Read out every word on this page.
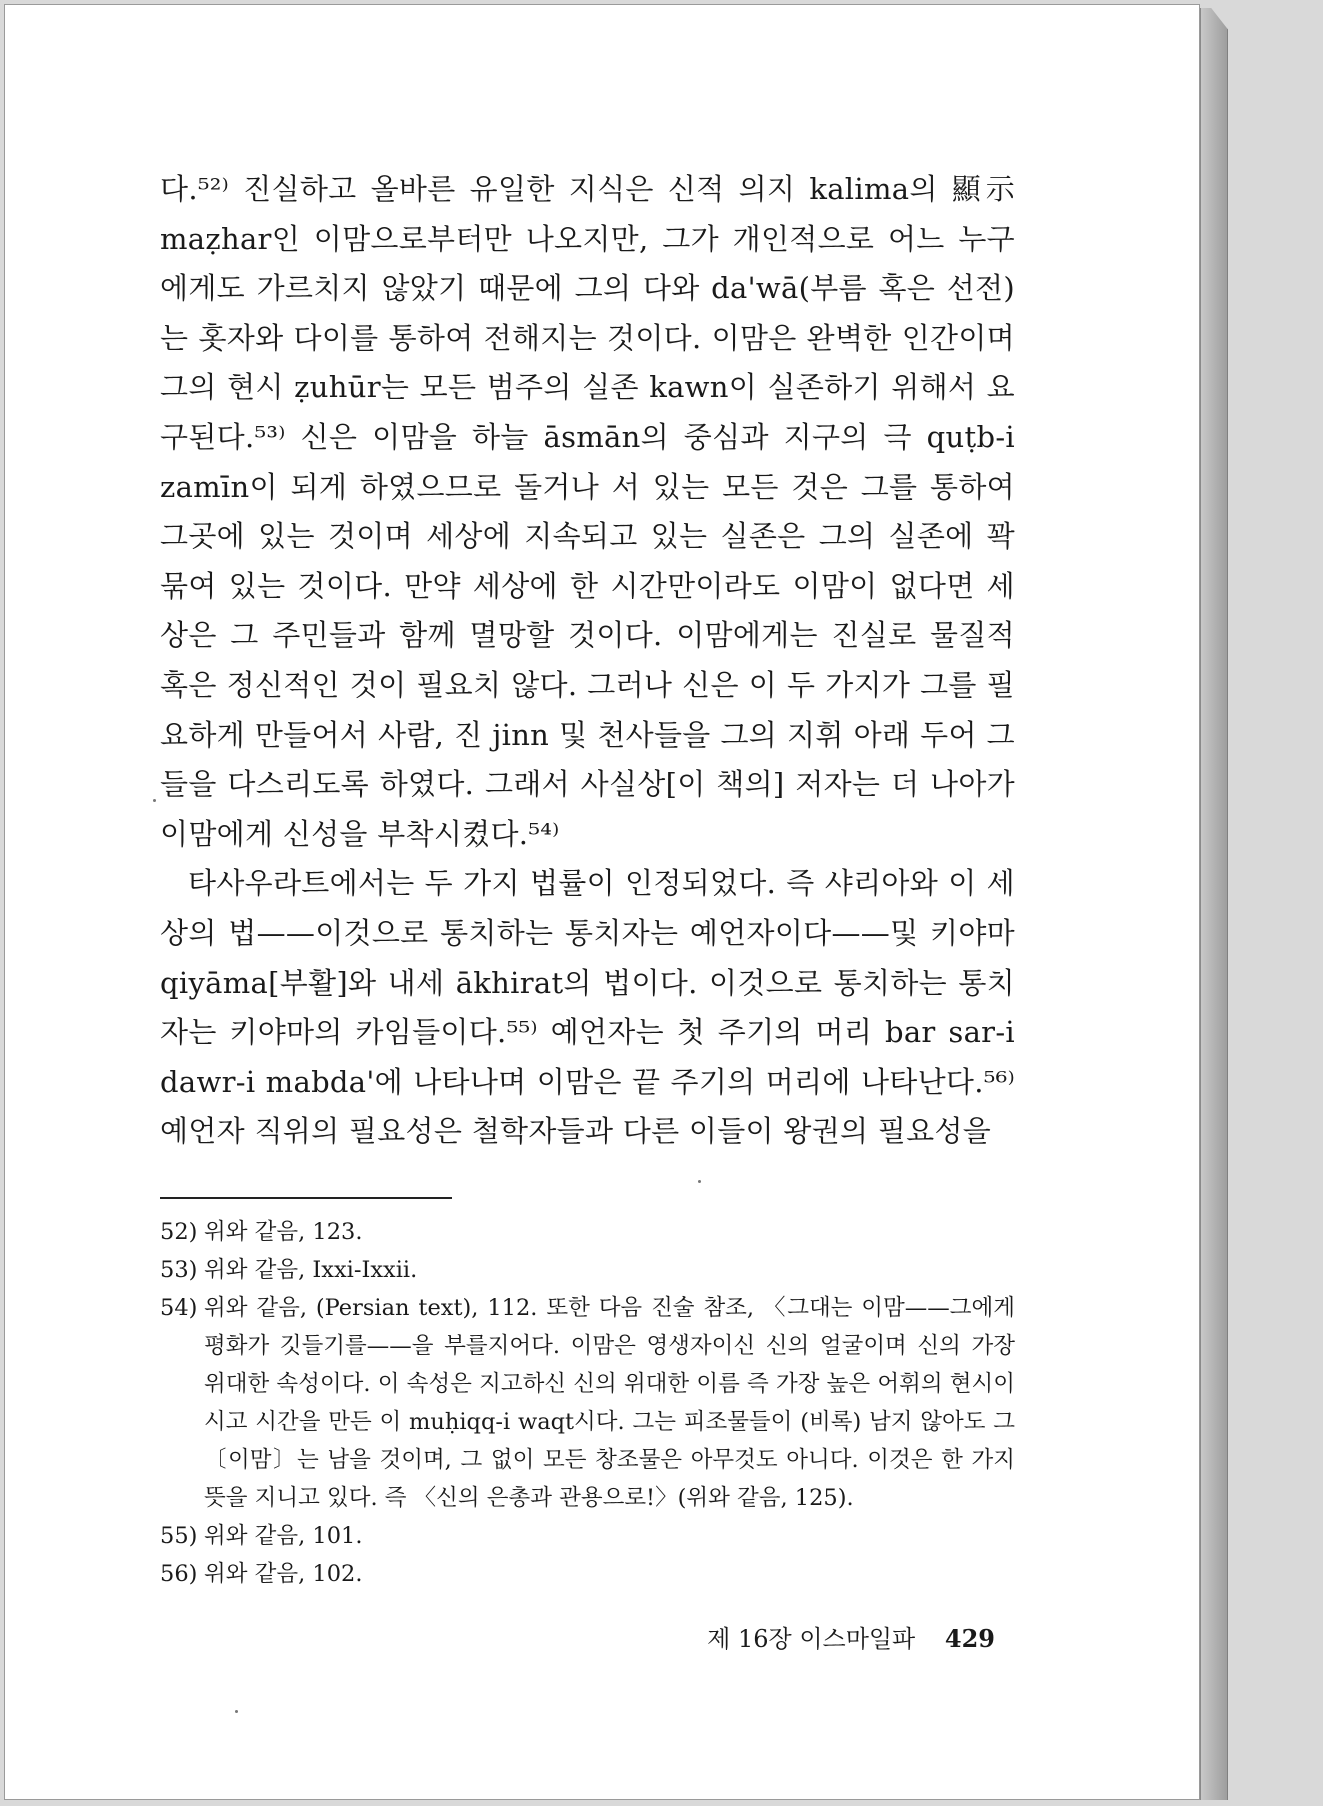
다.⁵²⁾ 진실하고 올바른 유일한 지식은 신적 의지 kalima의 顯示 maẓhar인 이맘으로부터만 나오지만, 그가 개인적으로 어느 누구에게도 가르치지 않았기 때문에 그의 다와 da'wā(부름 혹은 선전)는 홋자와 다이를 통하여 전해지는 것이다. 이맘은 완벽한 인간이며 그의 현시 ẓuhūr는 모든 범주의 실존 kawn이 실존하기 위해서 요구된다.⁵³⁾ 신은 이맘을 하늘 āsmān의 중심과 지구의 극 quṭb-i zamīn이 되게 하였으므로 돌거나 서 있는 모든 것은 그를 통하여 그곳에 있는 것이며 세상에 지속되고 있는 실존은 그의 실존에 꽉 묶여 있는 것이다. 만약 세상에 한 시간만이라도 이맘이 없다면 세상은 그 주민들과 함께 멸망할 것이다. 이맘에게는 진실로 물질적 혹은 정신적인 것이 필요치 않다. 그러나 신은 이 두 가지가 그를 필요하게 만들어서 사람, 진 jinn 및 천사들을 그의 지휘 아래 두어 그들을 다스리도록 하였다. 그래서 사실상[이 책의] 저자는 더 나아가 이맘에게 신성을 부착시켰다.⁵⁴⁾

타사우라트에서는 두 가지 법률이 인정되었다. 즉 샤리아와 이 세상의 법——이것으로 통치하는 통치자는 예언자이다——및 키야마 qiyāma[부활]와 내세 ākhirat의 법이다. 이것으로 통치하는 통치자는 키야마의 카임들이다.⁵⁵⁾ 예언자는 첫 주기의 머리 bar sar-i dawr-i mabda'에 나타나며 이맘은 끝 주기의 머리에 나타난다.⁵⁶⁾ 예언자 직위의 필요성은 철학자들과 다른 이들이 왕권의 필요성을

52) 위와 같음, 123.
53) 위와 같음, Ixxi-Ixxii.
54) 위와 같음, (Persian text), 112. 또한 다음 진술 참조, 〈그대는 이맘——그에게 평화가 깃들기를——을 부를지어다. 이맘은 영생자이신 신의 얼굴이며 신의 가장 위대한 속성이다. 이 속성은 지고하신 신의 위대한 이름 즉 가장 높은 어휘의 현시이시고 시간을 만든 이 muḥiqq-i waqt시다. 그는 피조물들이 (비록) 남지 않아도 그 〔이맘〕는 남을 것이며, 그 없이 모든 창조물은 아무것도 아니다. 이것은 한 가지 뜻을 지니고 있다. 즉 〈신의 은총과 관용으로!〉(위와 같음, 125).
55) 위와 같음, 101.
56) 위와 같음, 102.
제 16장 이스마일파 429
